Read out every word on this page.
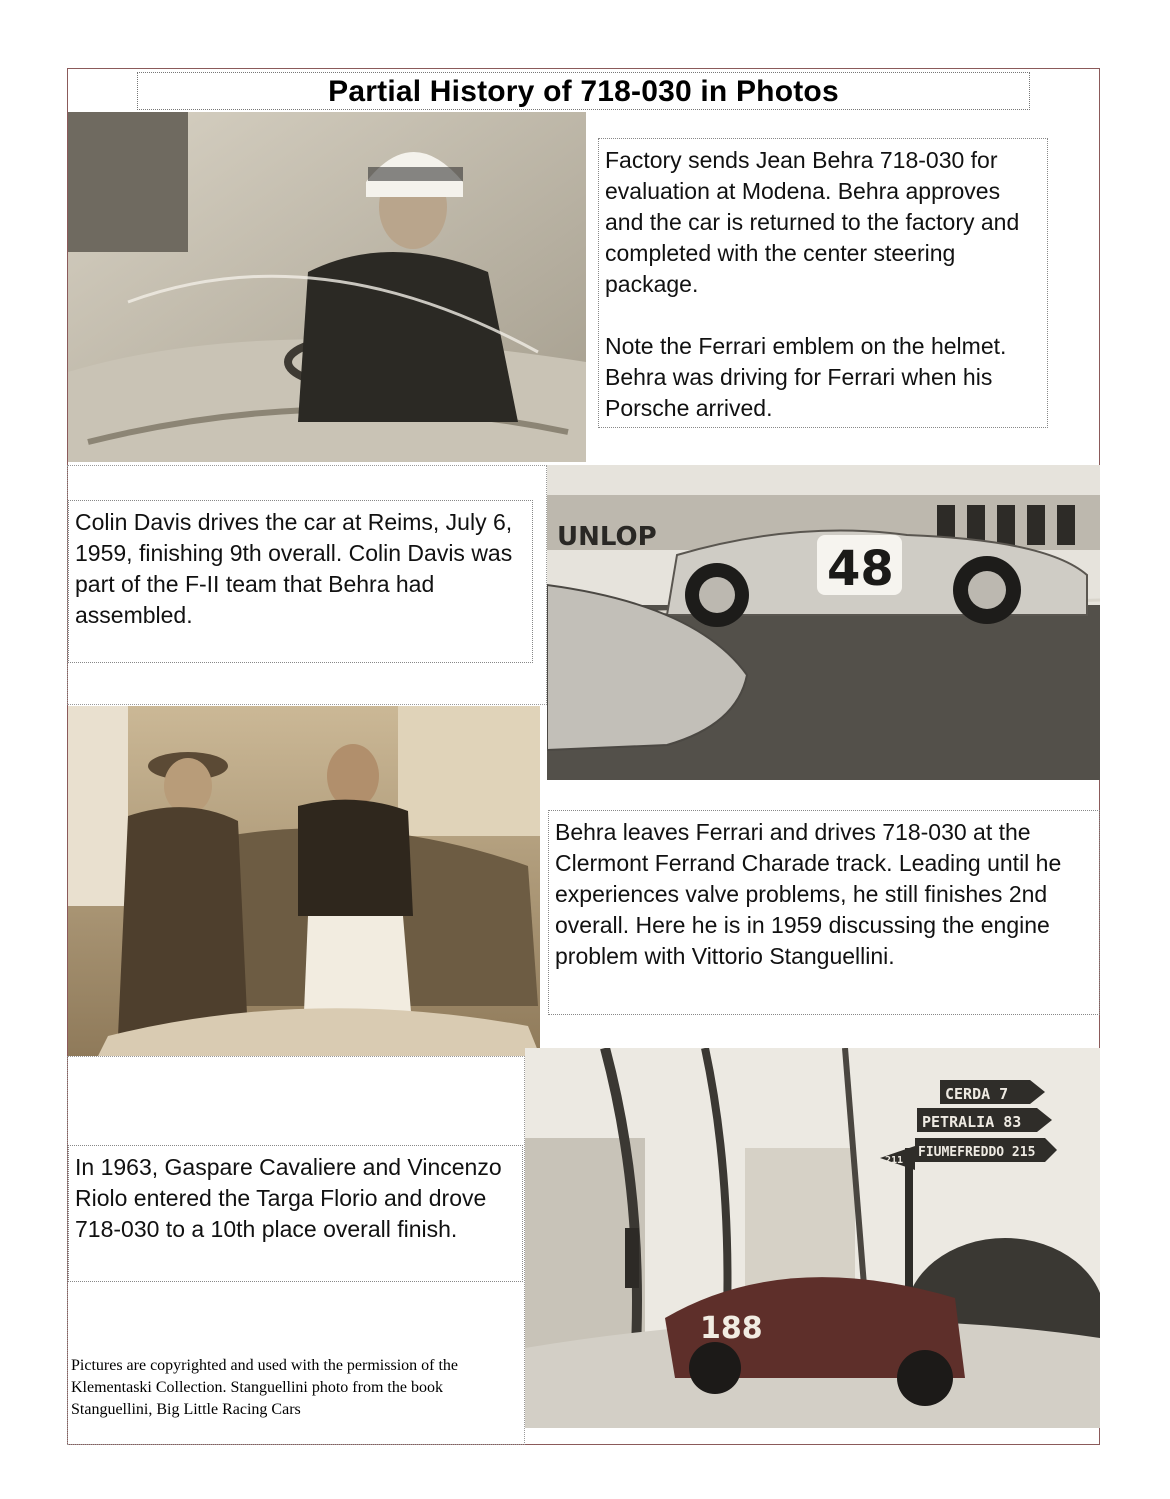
Partial History of 718-030 in Photos

Factory sends Jean Behra 718-030 for evaluation at Modena. Behra approves and the car is returned to the factory and completed with the center steering package.

Note the Ferrari emblem on the helmet. Behra was driving for Ferrari when his Porsche arrived.

Colin Davis drives the car at Reims, July 6, 1959, finishing 9th overall. Colin Davis was part of the F-II team that Behra had assembled.

UNLOP
48

Behra leaves Ferrari and drives 718-030 at the Clermont Ferrand Charade track. Leading until he experiences valve problems, he still finishes 2nd overall. Here he is in 1959 discussing the engine problem with Vittorio Stanguellini.

In 1963, Gaspare Cavaliere and Vincenzo Riolo entered the Targa Florio and drove 718-030 to a 10th place overall finish.

CERDA 7
PETRALIA 83
FIUMEFREDDO 215
211
188
Pictures are copyrighted and used with the permission of the Klementaski Collection. Stanguellini photo from the book Stanguellini, Big Little Racing Cars
